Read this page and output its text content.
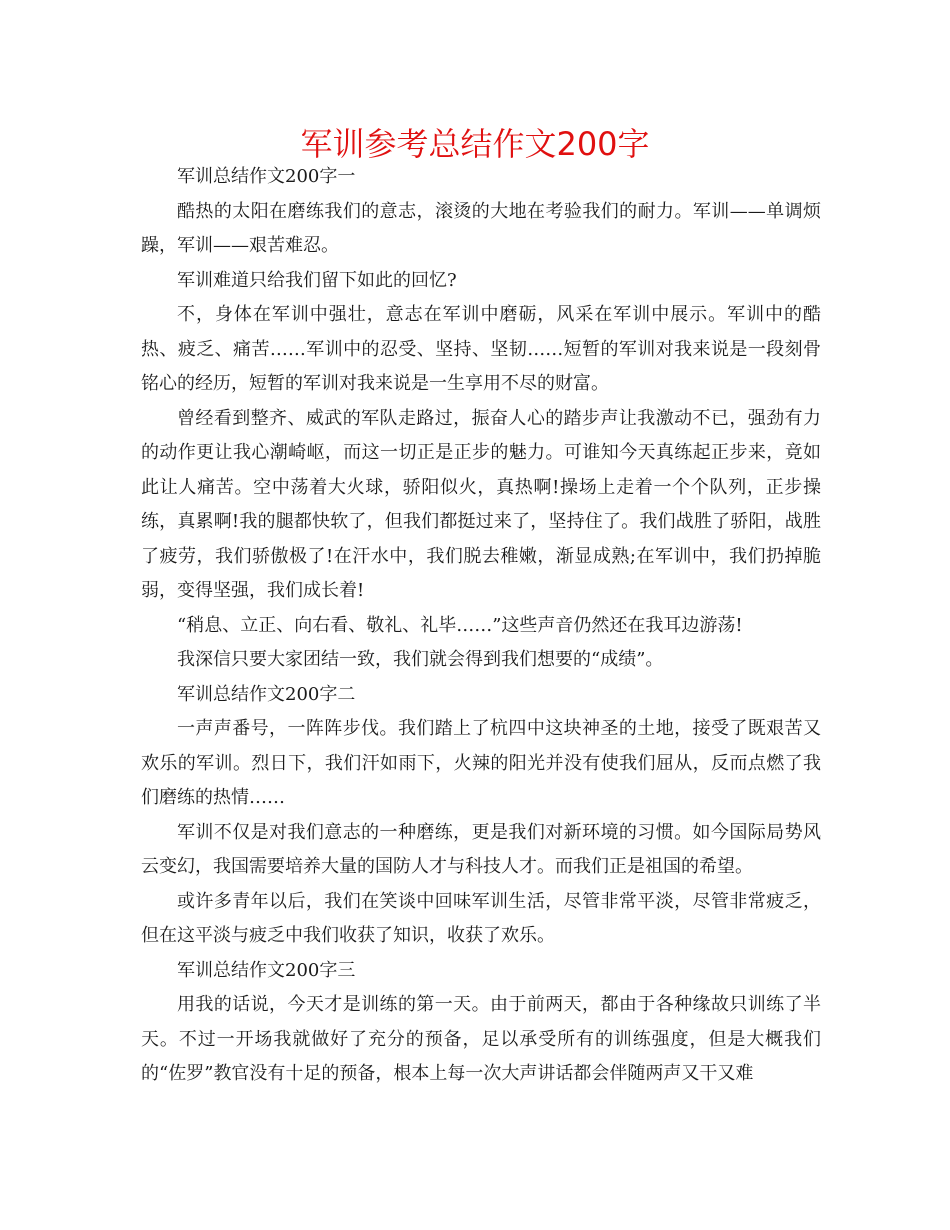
军训参考总结作文200字

军训总结作文200字一

酷热的太阳在磨练我们的意志，滚烫的大地在考验我们的耐力。军训——单调烦躁，军训——艰苦难忍。

军训难道只给我们留下如此的回忆?

不，身体在军训中强壮，意志在军训中磨砺，风采在军训中展示。军训中的酷热、疲乏、痛苦……军训中的忍受、坚持、坚韧……短暂的军训对我来说是一段刻骨铭心的经历，短暂的军训对我来说是一生享用不尽的财富。

曾经看到整齐、威武的军队走路过，振奋人心的踏步声让我激动不已，强劲有力的动作更让我心潮崎岖，而这一切正是正步的魅力。可谁知今天真练起正步来，竟如此让人痛苦。空中荡着大火球，骄阳似火，真热啊!操场上走着一个个队列，正步操练，真累啊!我的腿都快软了，但我们都挺过来了，坚持住了。我们战胜了骄阳，战胜了疲劳，我们骄傲极了!在汗水中，我们脱去稚嫩，渐显成熟;在军训中，我们扔掉脆弱，变得坚强，我们成长着!

“稍息、立正、向右看、敬礼、礼毕……”这些声音仍然还在我耳边游荡!

我深信只要大家团结一致，我们就会得到我们想要的“成绩”。

军训总结作文200字二

一声声番号，一阵阵步伐。我们踏上了杭四中这块神圣的土地，接受了既艰苦又欢乐的军训。烈日下，我们汗如雨下，火辣的阳光并没有使我们屈从，反而点燃了我们磨练的热情……

军训不仅是对我们意志的一种磨练，更是我们对新环境的习惯。如今国际局势风云变幻，我国需要培养大量的国防人才与科技人才。而我们正是祖国的希望。

或许多青年以后，我们在笑谈中回味军训生活，尽管非常平淡，尽管非常疲乏，但在这平淡与疲乏中我们收获了知识，收获了欢乐。

军训总结作文200字三

用我的话说，今天才是训练的第一天。由于前两天，都由于各种缘故只训练了半天。不过一开场我就做好了充分的预备，足以承受所有的训练强度，但是大概我们的“佐罗”教官没有十足的预备，根本上每一次大声讲话都会伴随两声又干又难
